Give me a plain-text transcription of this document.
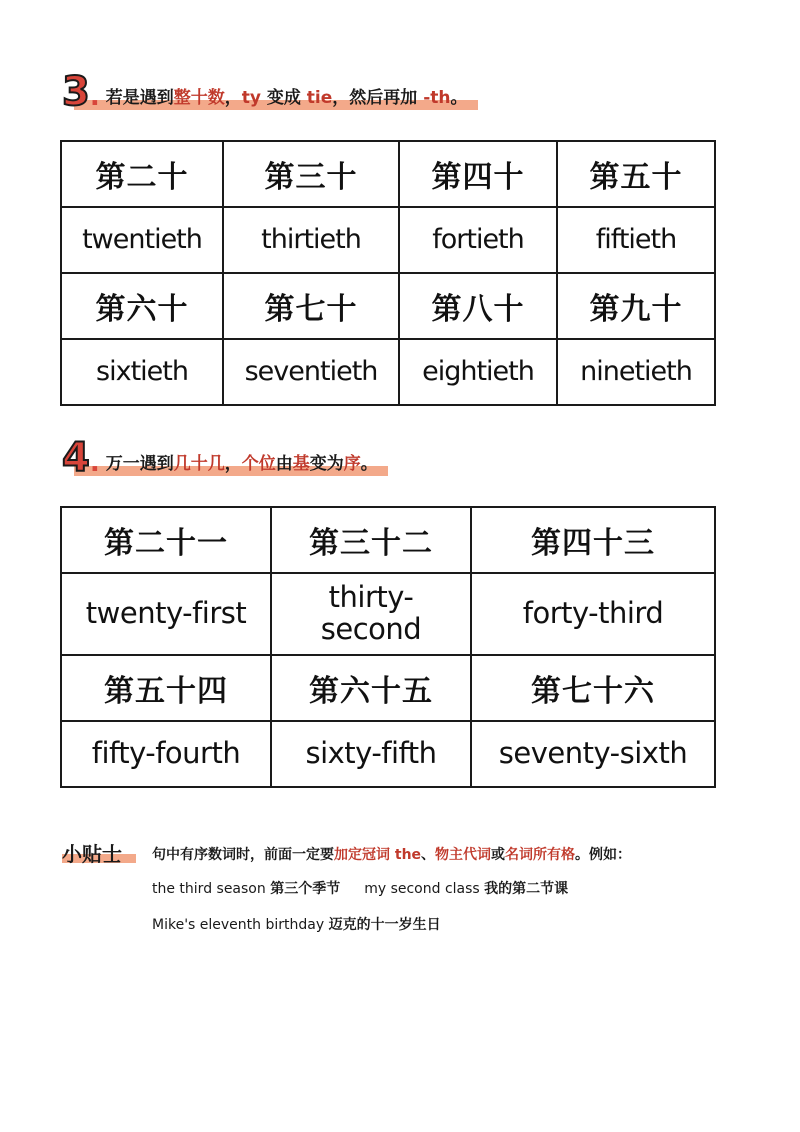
3 . 若是遇到整十数，ty 变成 tie，然后再加 -th。
第二十	第三十	第四十	第五十
twentieth	thirtieth	fortieth	fiftieth
第六十	第七十	第八十	第九十
sixtieth	seventieth	eightieth	ninetieth
4 . 万一遇到几十几，个位由基变为序。
第二十一	第三十二	第四十三
twenty-first	thirty-second	forty-third
第五十四	第六十五	第七十六
fifty-fourth	sixty-fifth	seventy-sixth
小贴士 句中有序数词时，前面一定要加定冠词 the、物主代词或名词所有格。例如：
the third season 第三个季节 my second class 我的第二节课
Mike's eleventh birthday 迈克的十一岁生日
